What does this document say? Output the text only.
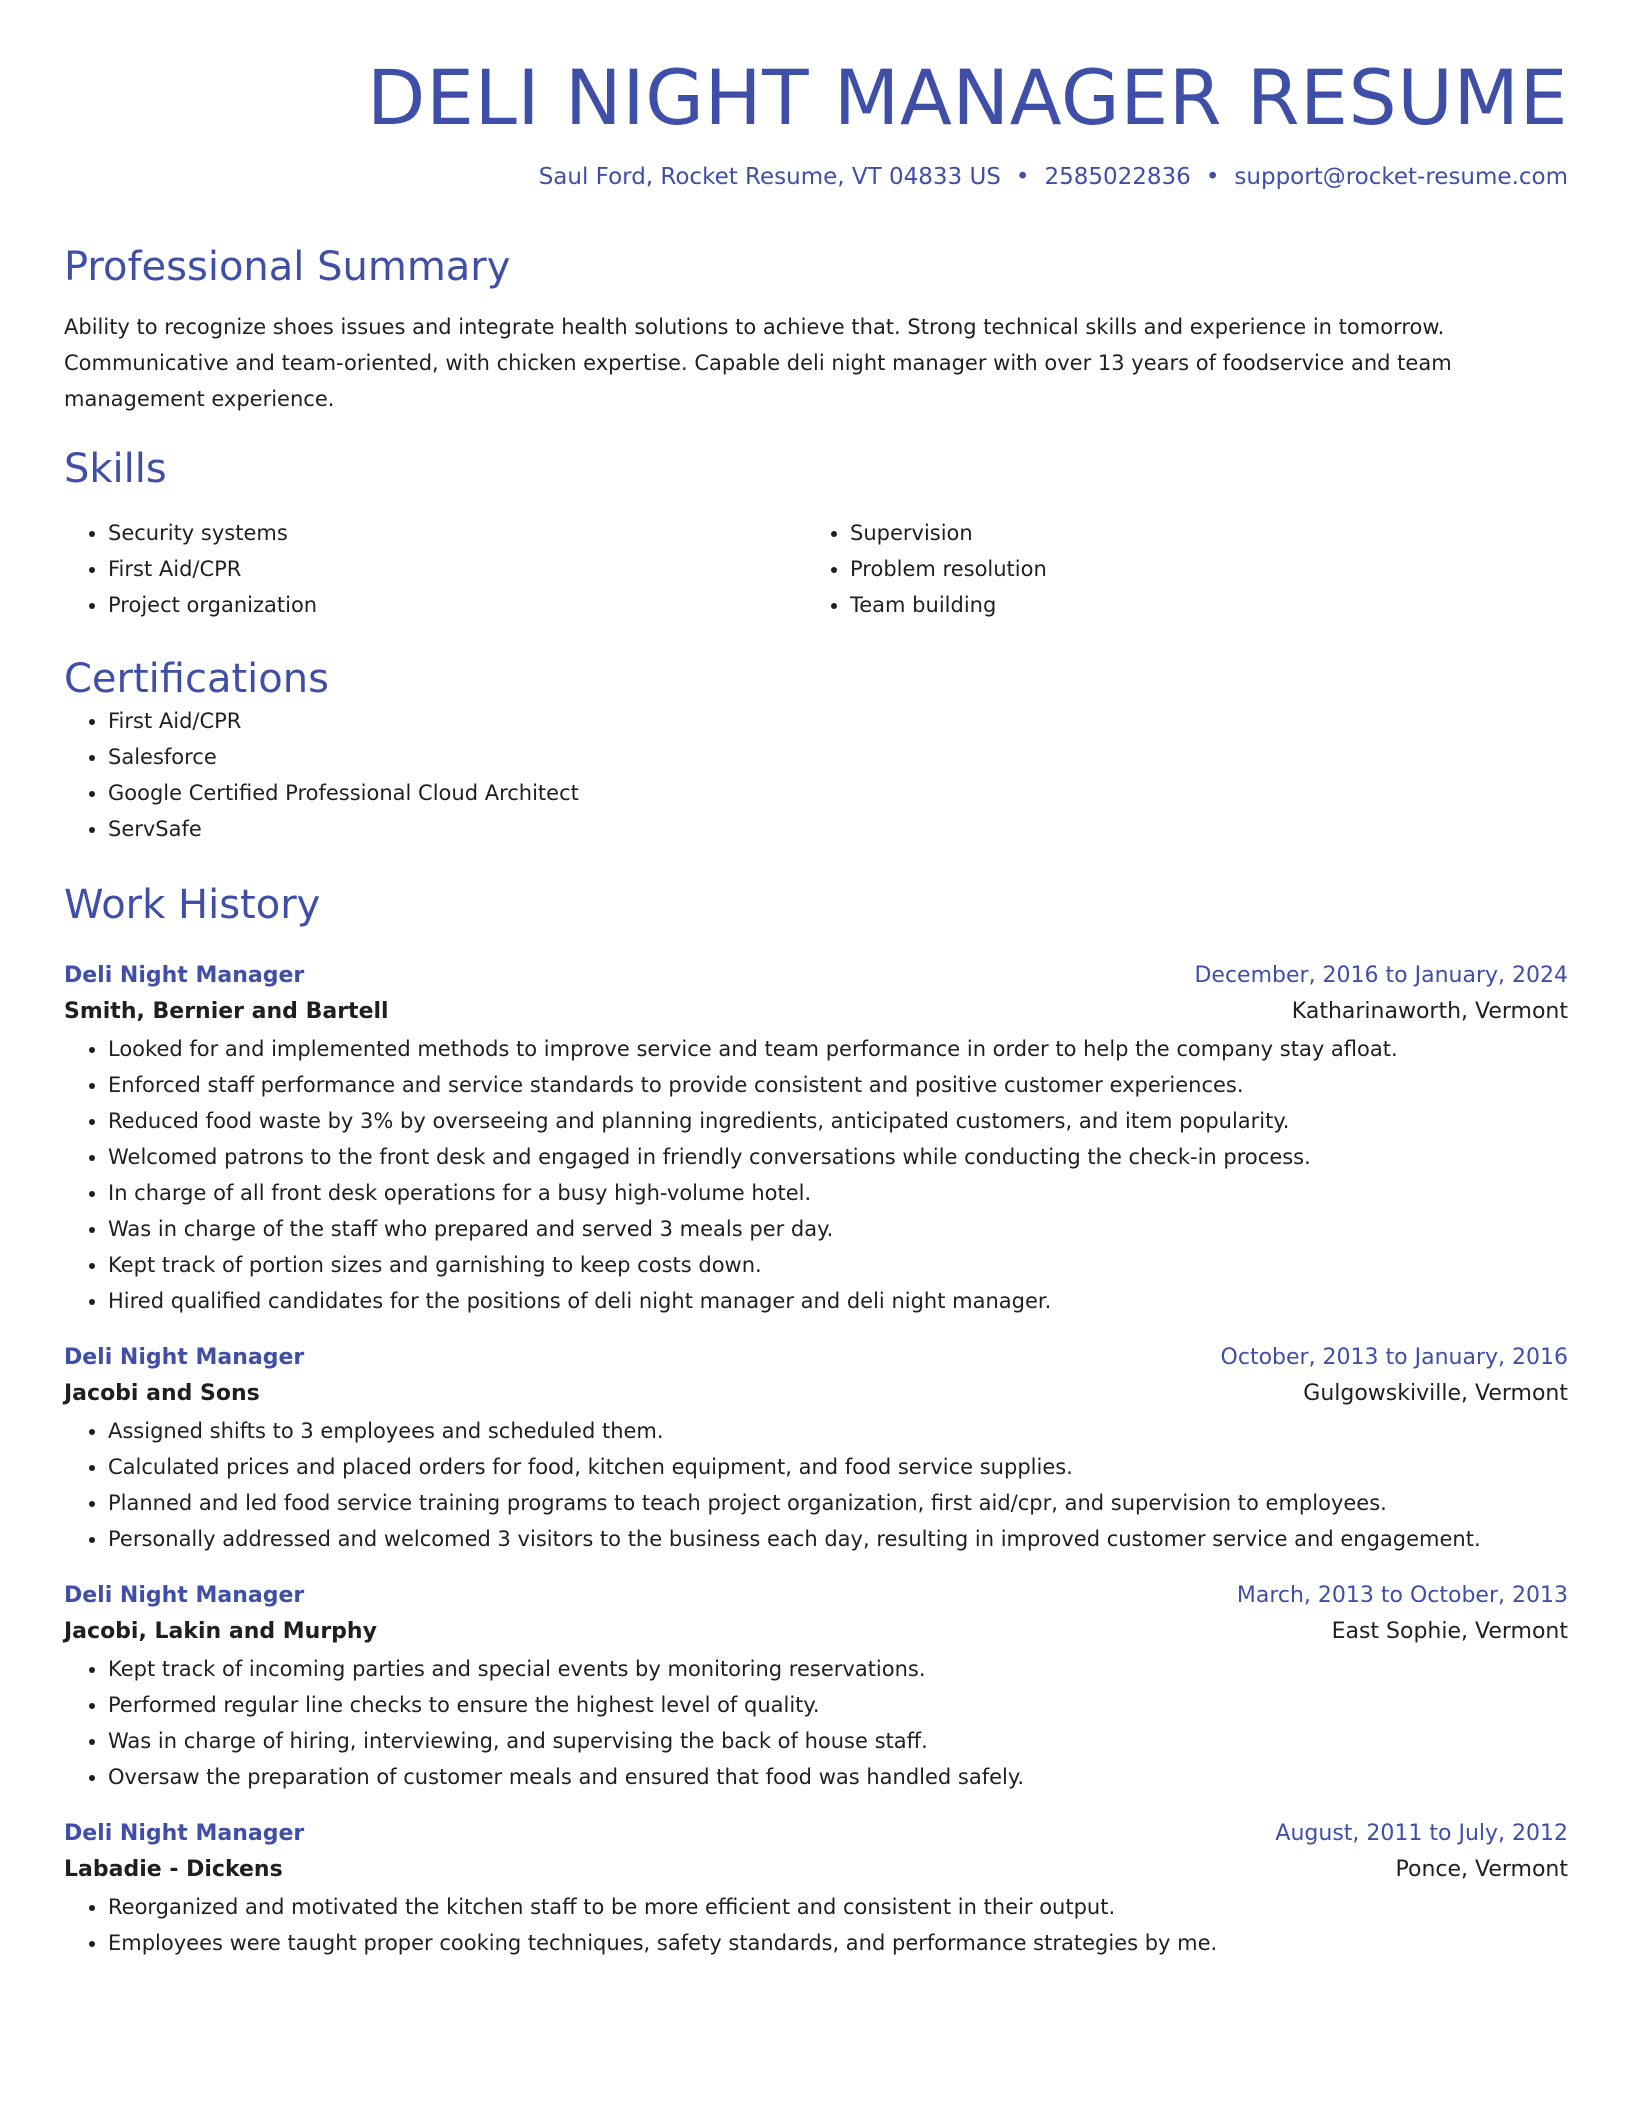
DELI NIGHT MANAGER RESUME
Saul Ford, Rocket Resume, VT 04833 US • 2585022836 • support@rocket-resume.com
Professional Summary
Ability to recognize shoes issues and integrate health solutions to achieve that. Strong technical skills and experience in tomorrow. Communicative and team-oriented, with chicken expertise. Capable deli night manager with over 13 years of foodservice and team management experience.
Skills
• Security systems
• First Aid/CPR
• Project organization
• Supervision
• Problem resolution
• Team building
Certifications
• First Aid/CPR
• Salesforce
• Google Certified Professional Cloud Architect
• ServSafe
Work History
Deli Night Manager	December, 2016 to January, 2024
Smith, Bernier and Bartell	Katharinaworth, Vermont
• Looked for and implemented methods to improve service and team performance in order to help the company stay afloat.
• Enforced staff performance and service standards to provide consistent and positive customer experiences.
• Reduced food waste by 3% by overseeing and planning ingredients, anticipated customers, and item popularity.
• Welcomed patrons to the front desk and engaged in friendly conversations while conducting the check-in process.
• In charge of all front desk operations for a busy high-volume hotel.
• Was in charge of the staff who prepared and served 3 meals per day.
• Kept track of portion sizes and garnishing to keep costs down.
• Hired qualified candidates for the positions of deli night manager and deli night manager.
Deli Night Manager	October, 2013 to January, 2016
Jacobi and Sons	Gulgowskiville, Vermont
• Assigned shifts to 3 employees and scheduled them.
• Calculated prices and placed orders for food, kitchen equipment, and food service supplies.
• Planned and led food service training programs to teach project organization, first aid/cpr, and supervision to employees.
• Personally addressed and welcomed 3 visitors to the business each day, resulting in improved customer service and engagement.
Deli Night Manager	March, 2013 to October, 2013
Jacobi, Lakin and Murphy	East Sophie, Vermont
• Kept track of incoming parties and special events by monitoring reservations.
• Performed regular line checks to ensure the highest level of quality.
• Was in charge of hiring, interviewing, and supervising the back of house staff.
• Oversaw the preparation of customer meals and ensured that food was handled safely.
Deli Night Manager	August, 2011 to July, 2012
Labadie - Dickens	Ponce, Vermont
• Reorganized and motivated the kitchen staff to be more efficient and consistent in their output.
• Employees were taught proper cooking techniques, safety standards, and performance strategies by me.
